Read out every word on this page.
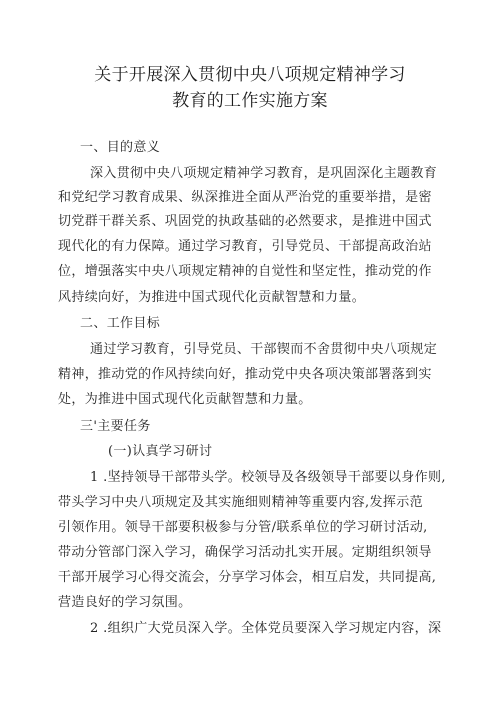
关于开展深入贯彻中央八项规定精神学习
教育的工作实施方案
一、目的意义
深入贯彻中央八项规定精神学习教育，是巩固深化主题教育
和党纪学习教育成果、纵深推进全面从严治党的重要举措，是密
切党群干群关系、巩固党的执政基础的必然要求，是推进中国式
现代化的有力保障。通过学习教育，引导党员、干部提高政治站
位，增强落实中央八项规定精神的自觉性和坚定性，推动党的作
风持续向好，为推进中国式现代化贡献智慧和力量。
二、工作目标
通过学习教育，引导党员、干部锲而不舍贯彻中央八项规定
精神，推动党的作风持续向好，推动党中央各项决策部署落到实
处，为推进中国式现代化贡献智慧和力量。
三'主要任务
(一)认真学习研讨
1 .坚持领导干部带头学。校领导及各级领导干部要以身作则,
带头学习中央八项规定及其实施细则精神等重要内容,发挥示范
引领作用。领导干部要积极参与分管/联系单位的学习研讨活动,
带动分管部门深入学习，确保学习活动扎实开展。定期组织领导
干部开展学习心得交流会，分享学习体会，相互启发，共同提高,
营造良好的学习氛围。
2 .组织广大党员深入学。全体党员要深入学习规定内容，深
